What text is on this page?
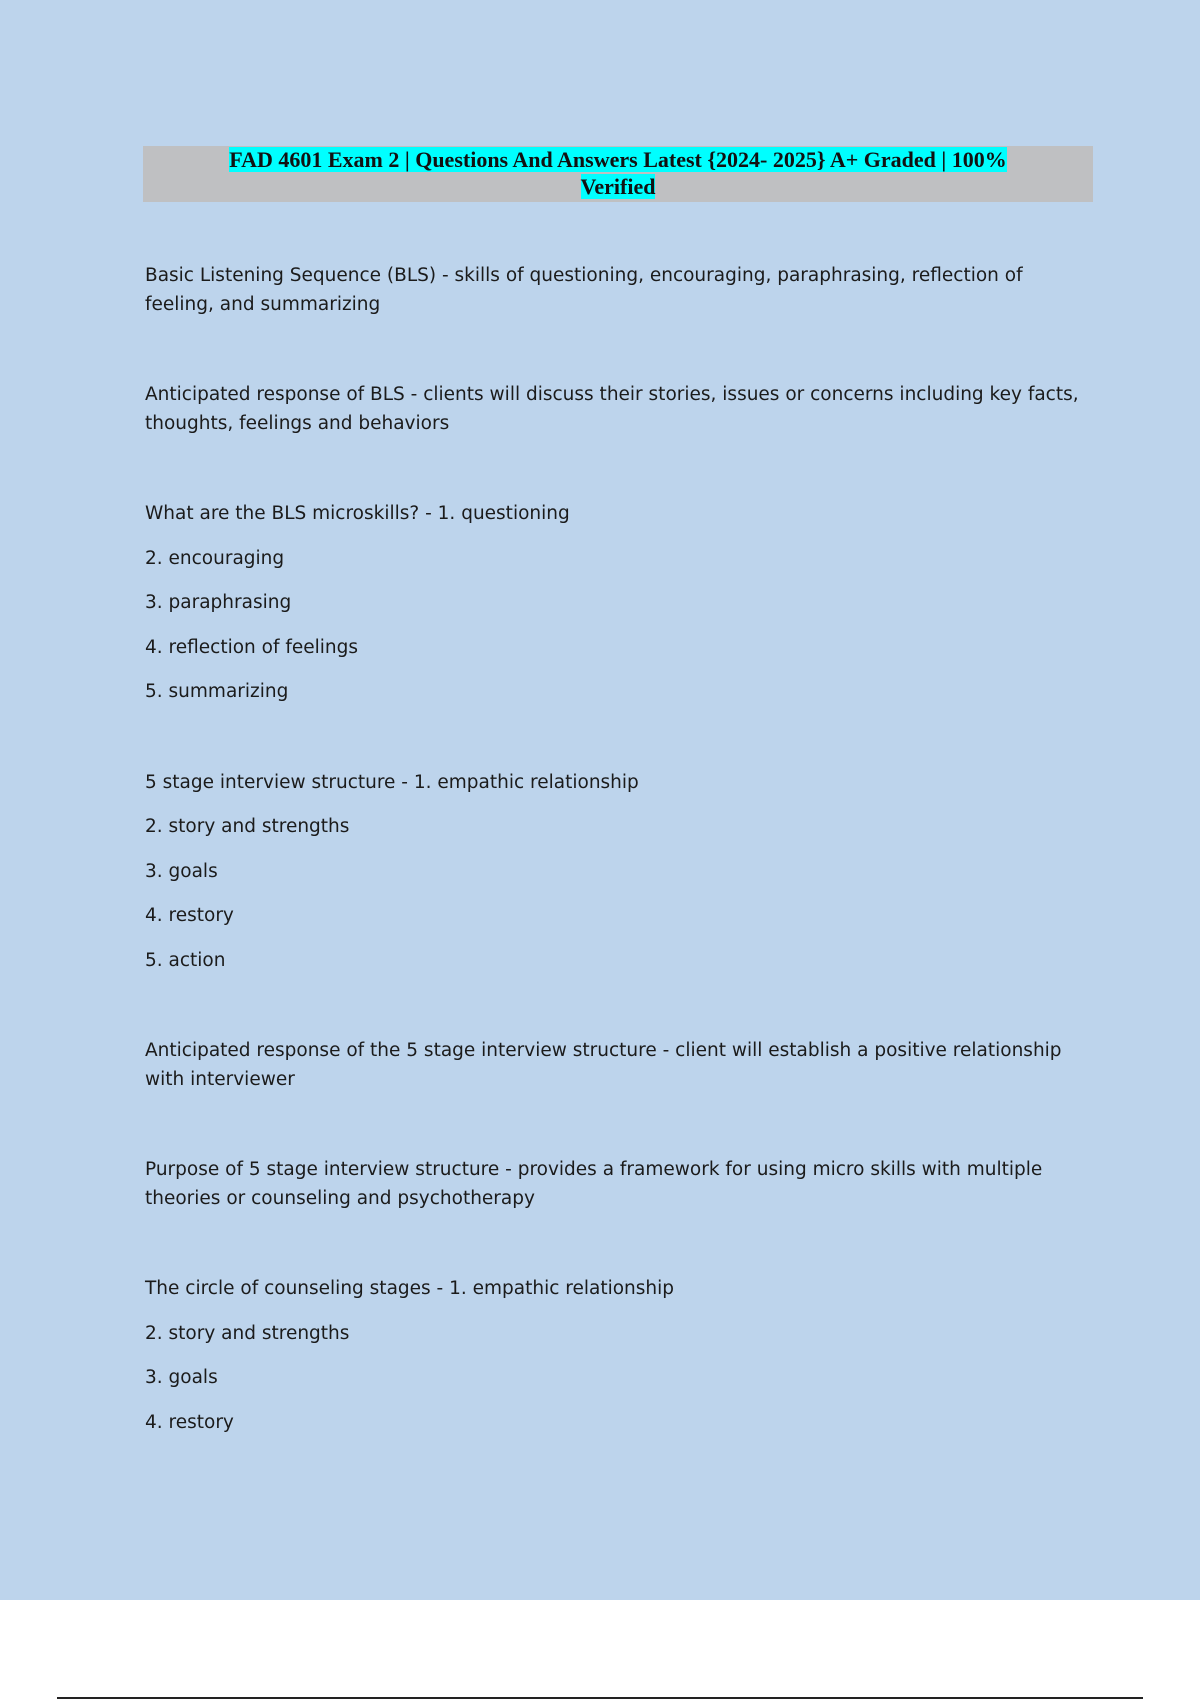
FAD 4601 Exam 2 | Questions And Answers Latest {2024- 2025} A+ Graded | 100%
Verified

Basic Listening Sequence (BLS) - skills of questioning, encouraging, paraphrasing, reflection of feeling, and summarizing

Anticipated response of BLS - clients will discuss their stories, issues or concerns including key facts, thoughts, feelings and behaviors

What are the BLS microskills? - 1. questioning

2. encouraging

3. paraphrasing

4. reflection of feelings

5. summarizing

5 stage interview structure - 1. empathic relationship

2. story and strengths

3. goals

4. restory

5. action

Anticipated response of the 5 stage interview structure - client will establish a positive relationship with interviewer

Purpose of 5 stage interview structure - provides a framework for using micro skills with multiple theories or counseling and psychotherapy

The circle of counseling stages - 1. empathic relationship

2. story and strengths

3. goals

4. restory
